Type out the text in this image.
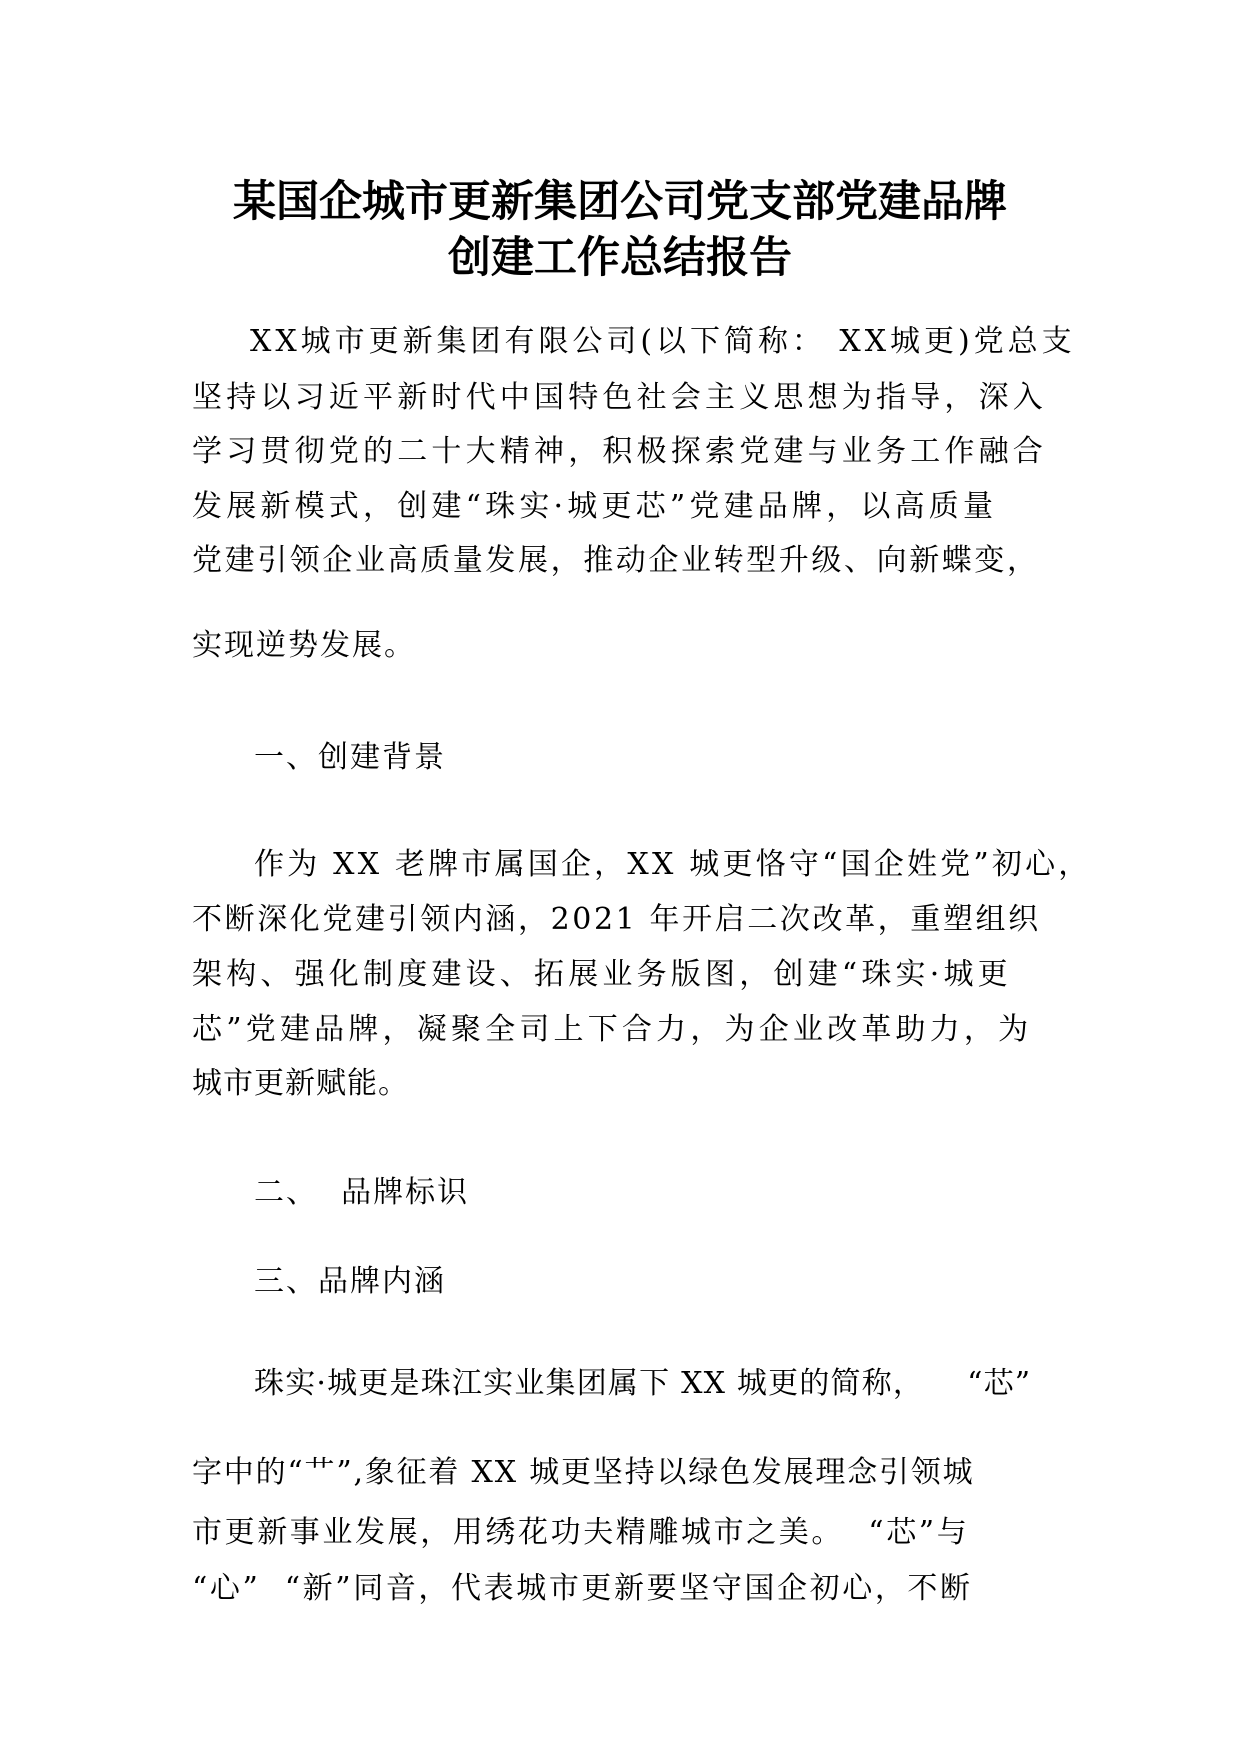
某国企城市更新集团公司党支部党建品牌
创建工作总结报告
X X 城 市 更 新 集 团 有 限 公 司 ( 以 下 简 称 ：
X X 城 更 ) 党 总 支
坚持以习近平新时代中国特色社会主义思想为指导，深入
学习贯彻党的二十大精神，积极探索党建与业务工作融合
发展新模式，创建“珠实·城更芯”党建品牌，以高质量
党建引领企业高质量发展，推动企业转型升级、向新蝶变，
实现逆势发展。
一、创建背景
作为 XX 老牌市属国企，XX 城更恪守“国企姓党”初心，
不断深化党建引领内涵，2021 年开启二次改革，重塑组织
架构、强化制度建设、拓展业务版图，创建“珠实·城更
芯”党建品牌，凝聚全司上下合力，为企业改革助力，为
城市更新赋能。
二、  品牌标识
三、品牌内涵
珠实·城更是珠江实业集团属下 XX 城更的简称，    “芯”
字中的“艹”,象征着 XX 城更坚持以绿色发展理念引领城
市更新事业发展，用绣花功夫精雕城市之美。  “芯”与
“心”  “新”同音，代表城市更新要坚守国企初心，不断
